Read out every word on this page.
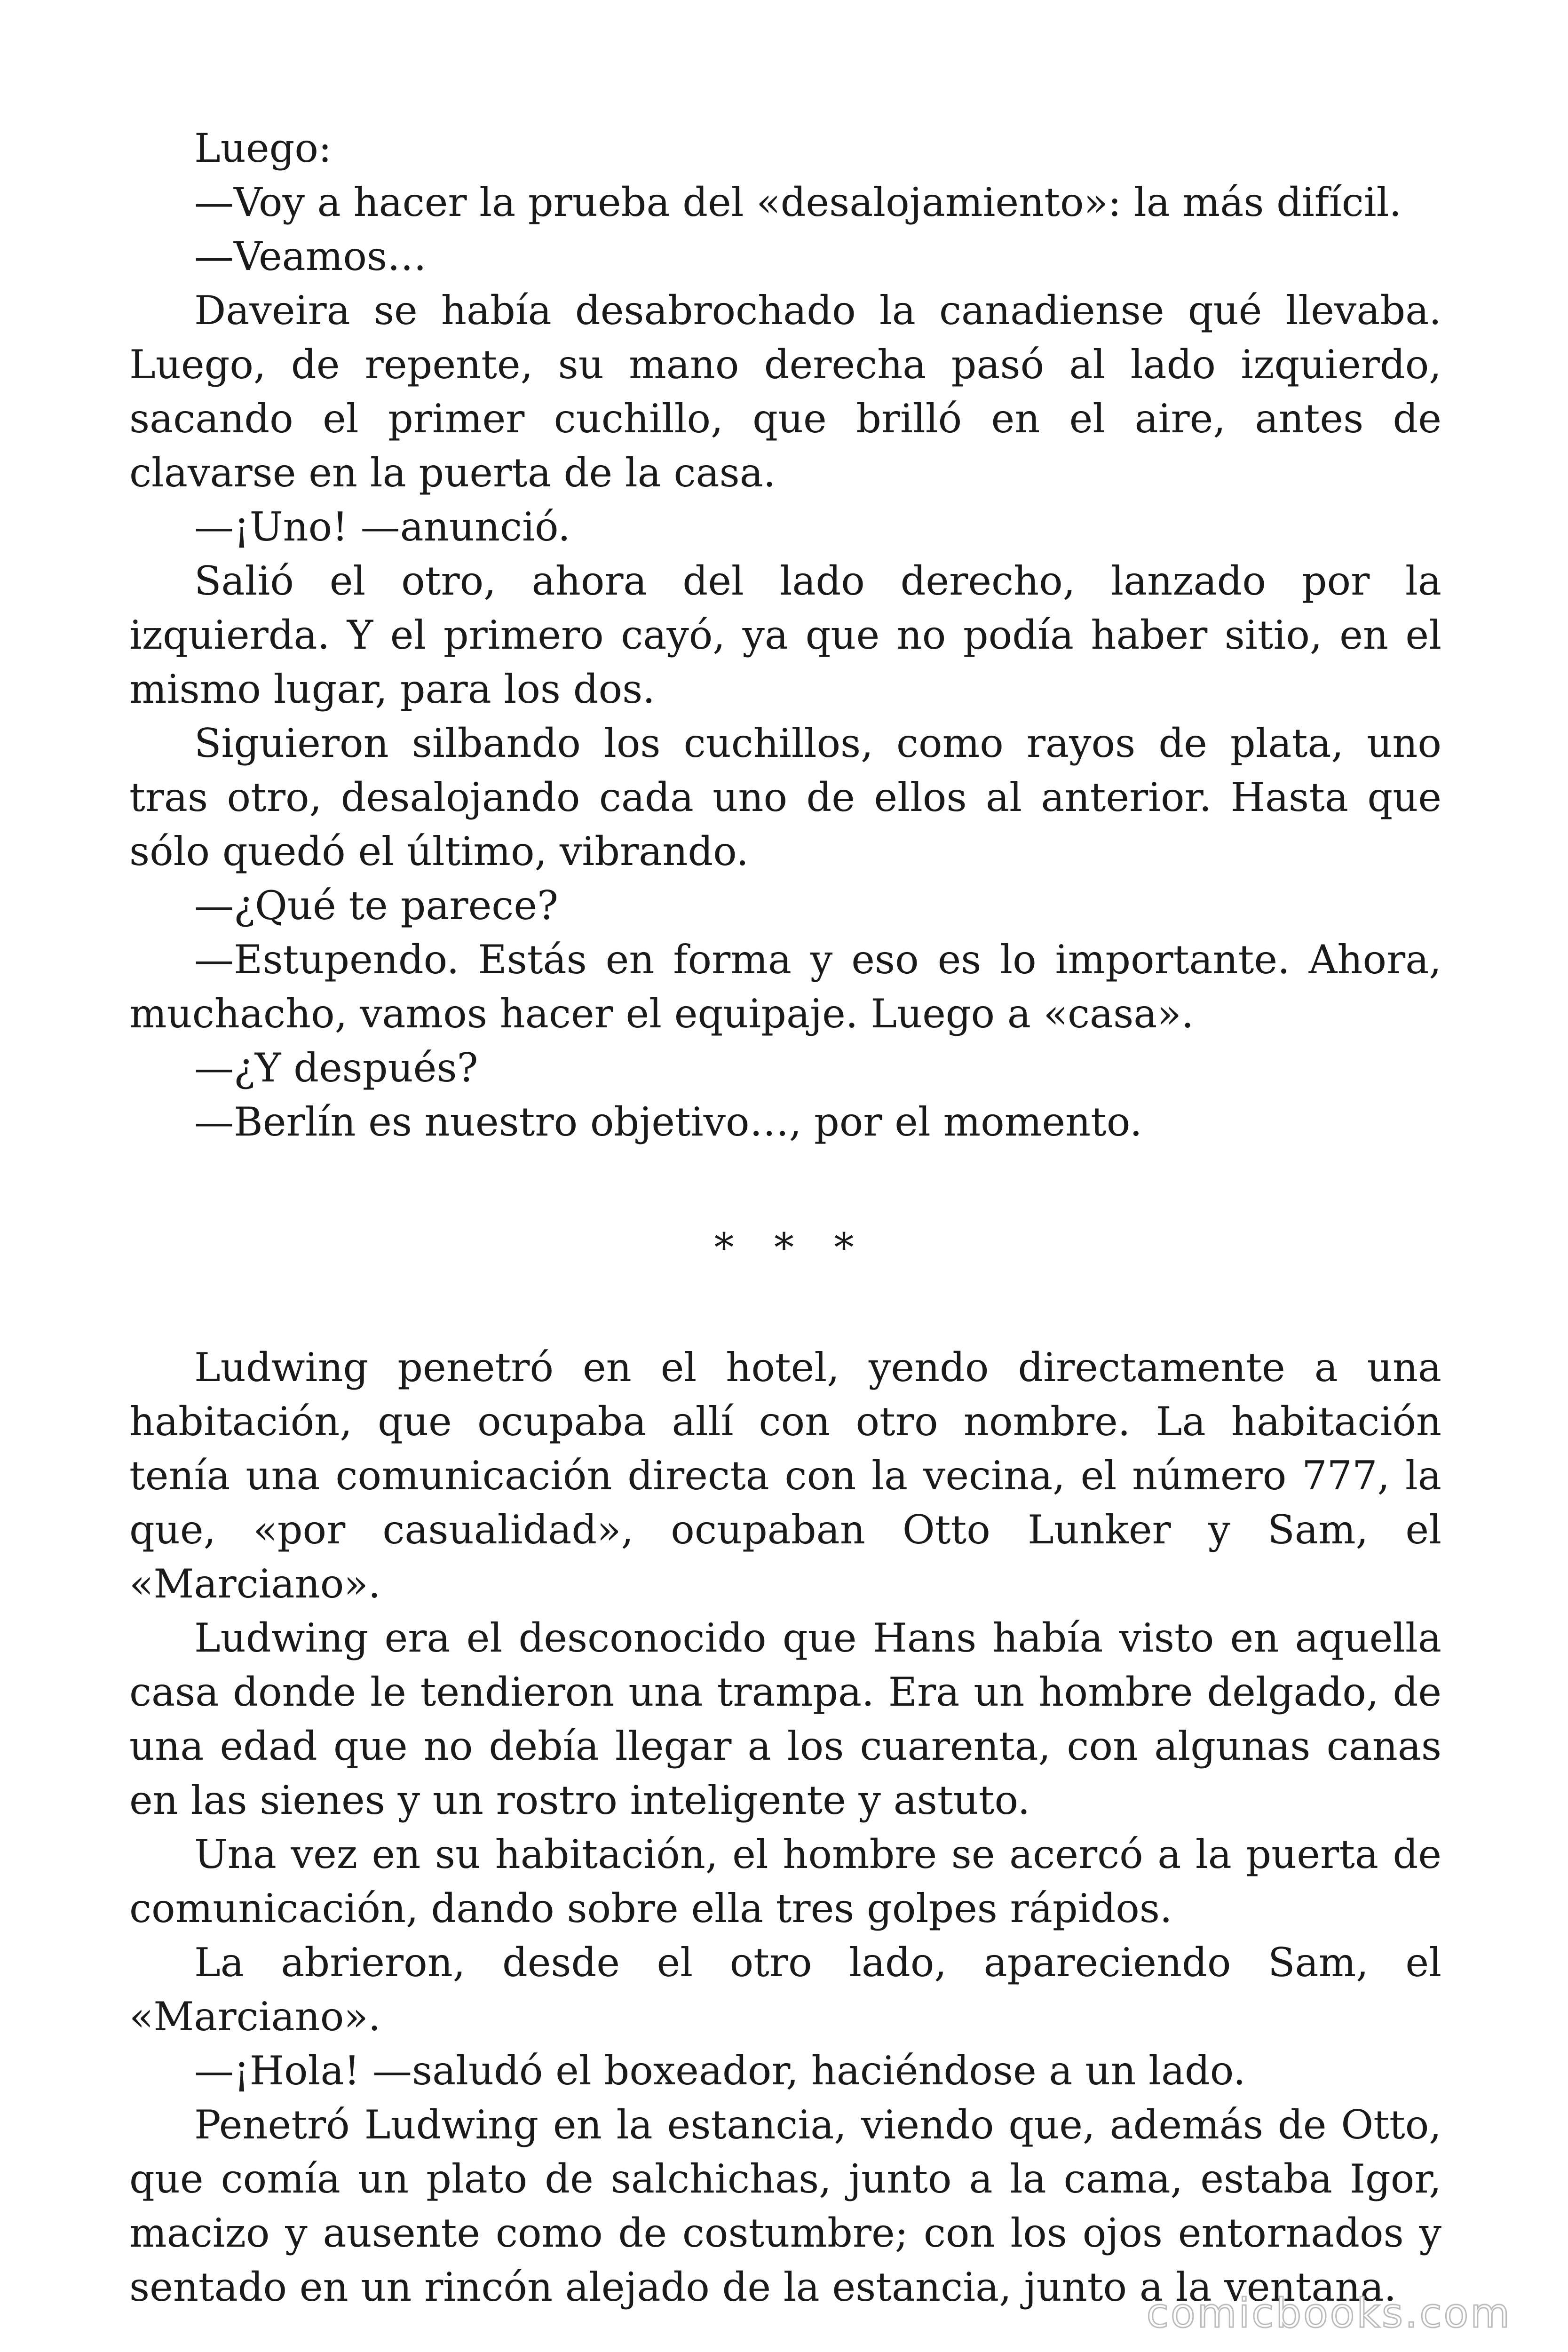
Luego:

—Voy a hacer la prueba del «desalojamiento»: la más difícil.

—Veamos…

Daveira se había desabrochado la canadiense qué llevaba. Luego, de repente, su mano derecha pasó al lado izquierdo, sacando el primer cuchillo, que brilló en el aire, antes de clavarse en la puerta de la casa.

—¡Uno! —anunció.

Salió el otro, ahora del lado derecho, lanzado por la izquierda. Y el primero cayó, ya que no podía haber sitio, en el mismo lugar, para los dos.

Siguieron silbando los cuchillos, como rayos de plata, uno tras otro, desalojando cada uno de ellos al anterior. Hasta que sólo quedó el último, vibrando.

—¿Qué te parece?

—Estupendo. Estás en forma y eso es lo importante. Ahora, muchacho, vamos hacer el equipaje. Luego a «casa».

—¿Y después?

—Berlín es nuestro objetivo…, por el momento.

* * *

Ludwing penetró en el hotel, yendo directamente a una habitación, que ocupaba allí con otro nombre. La habitación tenía una comunicación directa con la vecina, el número 777, la que, «por casualidad», ocupaban Otto Lunker y Sam, el «Marciano».

Ludwing era el desconocido que Hans había visto en aquella casa donde le tendieron una trampa. Era un hombre delgado, de una edad que no debía llegar a los cuarenta, con algunas canas en las sienes y un rostro inteligente y astuto.

Una vez en su habitación, el hombre se acercó a la puerta de comunicación, dando sobre ella tres golpes rápidos.

La abrieron, desde el otro lado, apareciendo Sam, el «Marciano».

—¡Hola! —saludó el boxeador, haciéndose a un lado.

Penetró Ludwing en la estancia, viendo que, además de Otto, que comía un plato de salchichas, junto a la cama, estaba Igor, macizo y ausente como de costumbre; con los ojos entornados y sentado en un rincón alejado de la estancia, junto a la ventana.

comicbooks.com
